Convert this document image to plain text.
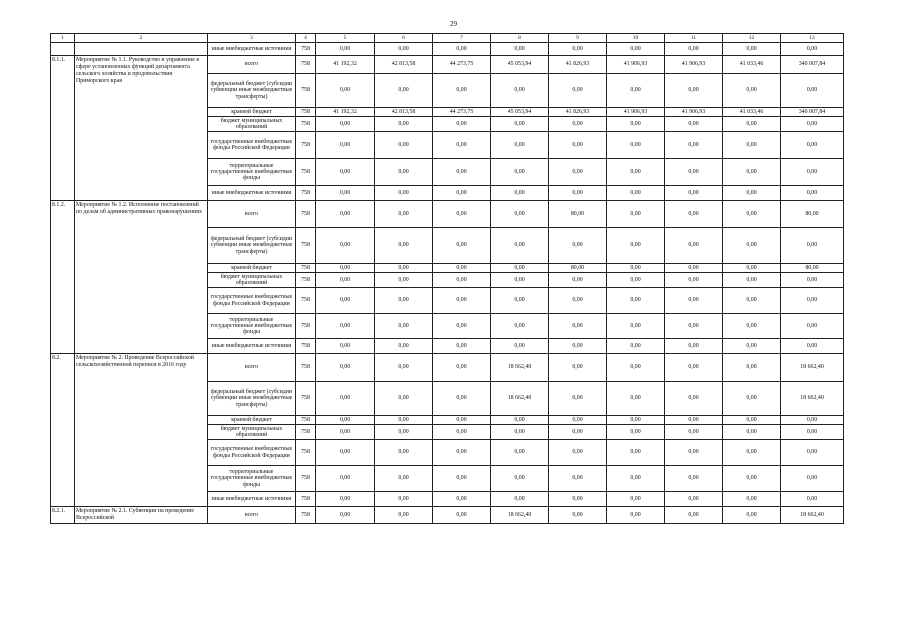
29
1	2	3	4	5	6	7	8	9	10	11	12	13
		иные внебюджетные источники	758	0,00	0,00	0,00	0,00	0,00	0,00	0,00	0,00	0,00
8.1.1.	Мероприятие № 1.1. Руководство и управление в сфере установленных функций департамента сельского хозяйства и продовольствия Приморского края	всего	758	41 192,32	42 813,58	44 273,75	45 053,94	41 826,93	41 906,93	41 906,93	41 033,46	340 007,84
		федеральный бюджет (субсидии субвенции иные межбюджетные трансферты)	758	0,00	0,00	0,00	0,00	0,00	0,00	0,00	0,00	0,00
		краевой бюджет	758	41 192,32	42 813,58	44 273,75	45 053,94	41 826,93	41 906,93	41 906,93	41 033,46	340 007,84
		бюджет муниципальных образований	758	0,00	0,00	0,00	0,00	0,00	0,00	0,00	0,00	0,00
		государственные внебюджетные фонды Российской Федерации	758	0,00	0,00	0,00	0,00	0,00	0,00	0,00	0,00	0,00
		территориальные государственные внебюджетные фонды	758	0,00	0,00	0,00	0,00	0,00	0,00	0,00	0,00	0,00
		иные внебюджетные источники	758	0,00	0,00	0,00	0,00	0,00	0,00	0,00	0,00	0,00
8.1.2.	Мероприятие № 1.2. Исполнение постановлений по делам об административных правонарушениях	всего	758	0,00	0,00	0,00	0,00	80,00	0,00	0,00	0,00	80,00
		федеральный бюджет (субсидии субвенции иные межбюджетные трансферты)	758	0,00	0,00	0,00	0,00	0,00	0,00	0,00	0,00	0,00
		краевой бюджет	758	0,00	0,00	0,00	0,00	80,00	0,00	0,00	0,00	80,00
		бюджет муниципальных образований	758	0,00	0,00	0,00	0,00	0,00	0,00	0,00	0,00	0,00
		государственные внебюджетные фонды Российской Федерации	758	0,00	0,00	0,00	0,00	0,00	0,00	0,00	0,00	0,00
		территориальные государственные внебюджетные фонды	758	0,00	0,00	0,00	0,00	0,00	0,00	0,00	0,00	0,00
		иные внебюджетные источники	758	0,00	0,00	0,00	0,00	0,00	0,00	0,00	0,00	0,00
8.2.	Мероприятие № 2. Проведение Всероссийской сельскохозяйственной переписи в 2016 году	всего	758	0,00	0,00	0,00	18 662,40	0,00	0,00	0,00	0,00	18 662,40
		федеральный бюджет (субсидии субвенции иные межбюджетные трансферты)	758	0,00	0,00	0,00	18 662,40	0,00	0,00	0,00	0,00	18 662,40
		краевой бюджет	758	0,00	0,00	0,00	0,00	0,00	0,00	0,00	0,00	0,00
		бюджет муниципальных образований	758	0,00	0,00	0,00	0,00	0,00	0,00	0,00	0,00	0,00
		государственные внебюджетные фонды Российской Федерации	758	0,00	0,00	0,00	0,00	0,00	0,00	0,00	0,00	0,00
		территориальные государственные внебюджетные фонды	758	0,00	0,00	0,00	0,00	0,00	0,00	0,00	0,00	0,00
		иные внебюджетные источники	758	0,00	0,00	0,00	0,00	0,00	0,00	0,00	0,00	0,00
8.2.1.	Мероприятие № 2.1. Субвенции на проведение Всероссийской	всего	758	0,00	0,00	0,00	18 662,40	0,00	0,00	0,00	0,00	18 662,40
